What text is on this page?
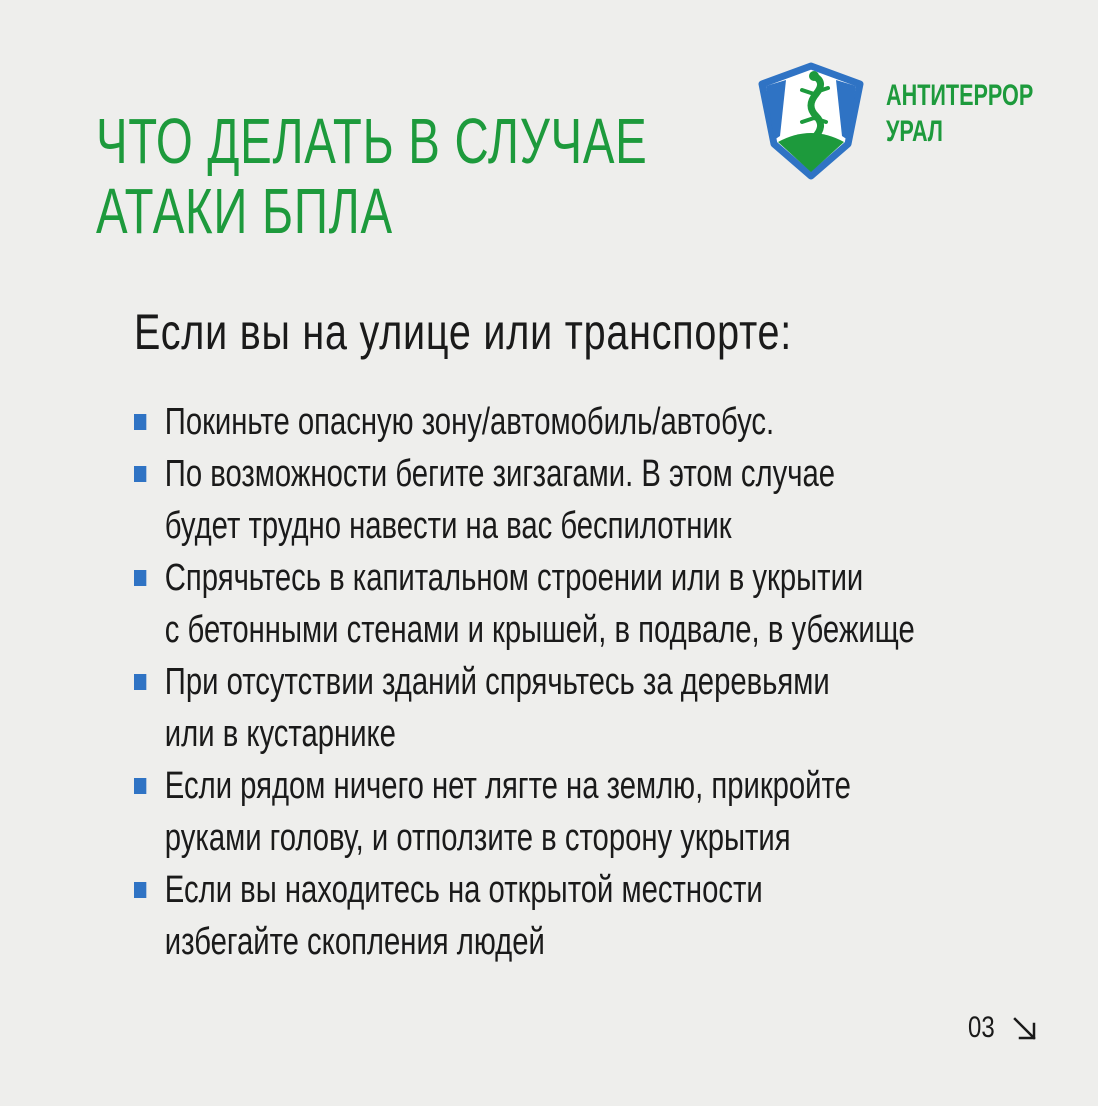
ЧТО ДЕЛАТЬ В СЛУЧАЕ
АТАКИ БПЛА
АНТИТЕРРОР
УРАЛ
Если вы на улице или транспорте:
Покиньте опасную зону/автомобиль/автобус.
По возможности бегите зигзагами. В этом случае
будет трудно навести на вас беспилотник
Спрячьтесь в капитальном строении или в укрытии
с бетонными стенами и крышей, в подвале, в убежище
При отсутствии зданий спрячьтесь за деревьями
или в кустарнике
Если рядом ничего нет лягте на землю, прикройте
руками голову, и отползите в сторону укрытия
Если вы находитесь на открытой местности
избегайте скопления людей
03
